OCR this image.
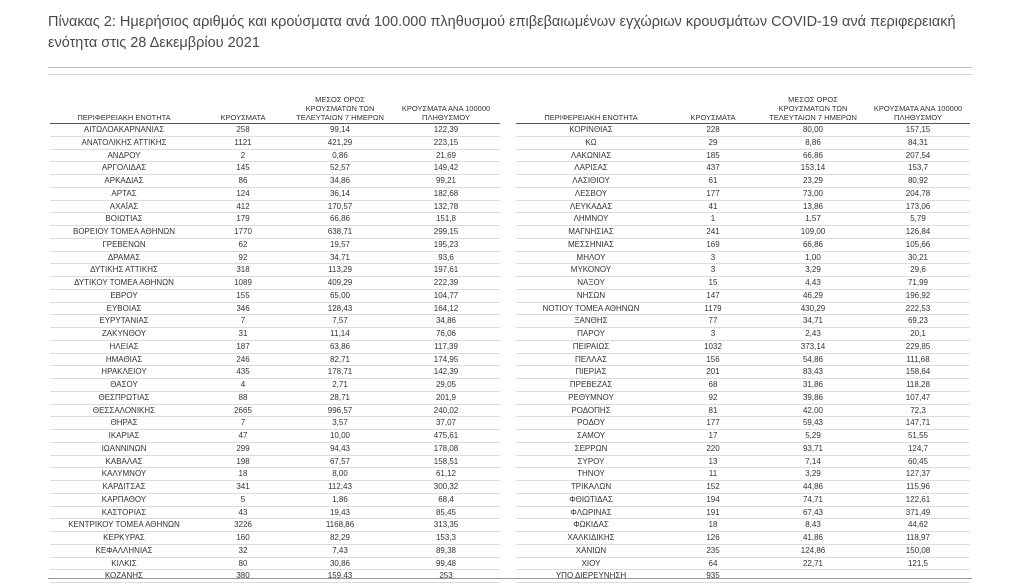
Πίνακας 2: Ημερήσιος αριθμός και κρούσματα ανά 100.000 πληθυσμού επιβεβαιωμένων εγχώριων κρουσμάτων COVID-19 ανά περιφερειακή ενότητα στις 28 Δεκεμβρίου 2021
ΠΕΡΙΦΕΡΕΙΑΚΗ ΕΝΟΤΗΤΑ	ΚΡΟΥΣΜΑΤΑ	ΜΕΣΟΣ ΟΡΟΣ ΚΡΟΥΣΜΑΤΩΝ ΤΩΝ ΤΕΛΕΥΤΑΙΩΝ 7 ΗΜΕΡΩΝ	ΚΡΟΥΣΜΑΤΑ ΑΝΑ 100000 ΠΛΗΘΥΣΜΟΥ		ΠΕΡΙΦΕΡΕΙΑΚΗ ΕΝΟΤΗΤΑ	ΚΡΟΥΣΜΑΤΑ	ΜΕΣΟΣ ΟΡΟΣ ΚΡΟΥΣΜΑΤΩΝ ΤΩΝ ΤΕΛΕΥΤΑΙΩΝ 7 ΗΜΕΡΩΝ	ΚΡΟΥΣΜΑΤΑ ΑΝΑ 100000 ΠΛΗΘΥΣΜΟΥ
ΑΙΤΩΛΟΑΚΑΡΝΑΝΙΑΣ	258	99,14	122,39		ΚΟΡΙΝΘΙΑΣ	228	80,00	157,15
ΑΝΑΤΟΛΙΚΗΣ ΑΤΤΙΚΗΣ	1121	421,29	223,15		ΚΩ	29	8,86	84,31
ΑΝΔΡΟΥ	2	0,86	21,69		ΛΑΚΩΝΙΑΣ	185	66,86	207,54
ΑΡΓΟΛΙΔΑΣ	145	52,57	149,42		ΛΑΡΙΣΑΣ	437	153,14	153,7
ΑΡΚΑΔΙΑΣ	86	34,86	99,21		ΛΑΣΙΘΙΟΥ	61	23,29	80,92
ΑΡΤΑΣ	124	36,14	182,68		ΛΕΣΒΟΥ	177	73,00	204,78
ΑΧΑΪΑΣ	412	170,57	132,78		ΛΕΥΚΑΔΑΣ	41	13,86	173,06
ΒΟΙΩΤΙΑΣ	179	66,86	151,8		ΛΗΜΝΟΥ	1	1,57	5,79
ΒΟΡΕΙΟΥ ΤΟΜΕΑ ΑΘΗΝΩΝ	1770	638,71	299,15		ΜΑΓΝΗΣΙΑΣ	241	109,00	126,84
ΓΡΕΒΕΝΩΝ	62	19,57	195,23		ΜΕΣΣΗΝΙΑΣ	169	66,86	105,66
ΔΡΑΜΑΣ	92	34,71	93,6		ΜΗΛΟΥ	3	1,00	30,21
ΔΥΤΙΚΗΣ ΑΤΤΙΚΗΣ	318	113,29	197,61		ΜΥΚΟΝΟΥ	3	3,29	29,6
ΔΥΤΙΚΟΥ ΤΟΜΕΑ ΑΘΗΝΩΝ	1089	409,29	222,39		ΝΑΞΟΥ	15	4,43	71,99
ΕΒΡΟΥ	155	65,00	104,77		ΝΗΣΩΝ	147	46,29	196,92
ΕΥΒΟΙΑΣ	346	128,43	164,12		ΝΟΤΙΟΥ ΤΟΜΕΑ ΑΘΗΝΩΝ	1179	430,29	222,53
ΕΥΡΥΤΑΝΙΑΣ	7	7,57	34,86		ΞΑΝΘΗΣ	77	34,71	69,23
ΖΑΚΥΝΘΟΥ	31	11,14	76,06		ΠΑΡΟΥ	3	2,43	20,1
ΗΛΕΙΑΣ	187	63,86	117,39		ΠΕΙΡΑΙΩΣ	1032	373,14	229,85
ΗΜΑΘΙΑΣ	246	82,71	174,95		ΠΕΛΛΑΣ	156	54,86	111,68
ΗΡΑΚΛΕΙΟΥ	435	178,71	142,39		ΠΙΕΡΙΑΣ	201	83,43	158,64
ΘΑΣΟΥ	4	2,71	29,05		ΠΡΕΒΕΖΑΣ	68	31,86	118,28
ΘΕΣΠΡΩΤΙΑΣ	88	28,71	201,9		ΡΕΘΥΜΝΟΥ	92	39,86	107,47
ΘΕΣΣΑΛΟΝΙΚΗΣ	2665	996,57	240,02		ΡΟΔΟΠΗΣ	81	42,00	72,3
ΘΗΡΑΣ	7	3,57	37,07		ΡΟΔΟΥ	177	59,43	147,71
ΙΚΑΡΙΑΣ	47	10,00	475,61		ΣΑΜΟΥ	17	5,29	51,55
ΙΩΑΝΝΙΝΩΝ	299	94,43	178,08		ΣΕΡΡΩΝ	220	93,71	124,7
ΚΑΒΑΛΑΣ	198	67,57	158,51		ΣΥΡΟΥ	13	7,14	60,45
ΚΑΛΥΜΝΟΥ	18	8,00	61,12		ΤΗΝΟΥ	11	3,29	127,37
ΚΑΡΔΙΤΣΑΣ	341	112,43	300,32		ΤΡΙΚΑΛΩΝ	152	44,86	115,96
ΚΑΡΠΑΘΟΥ	5	1,86	68,4		ΦΘΙΩΤΙΔΑΣ	194	74,71	122,61
ΚΑΣΤΟΡΙΑΣ	43	19,43	85,45		ΦΛΩΡΙΝΑΣ	191	67,43	371,49
ΚΕΝΤΡΙΚΟΥ ΤΟΜΕΑ ΑΘΗΝΩΝ	3226	1168,86	313,35		ΦΩΚΙΔΑΣ	18	8,43	44,62
ΚΕΡΚΥΡΑΣ	160	82,29	153,3		ΧΑΛΚΙΔΙΚΗΣ	126	41,86	118,97
ΚΕΦΑΛΛΗΝΙΑΣ	32	7,43	89,38		ΧΑΝΙΩΝ	235	124,86	150,08
ΚΙΛΚΙΣ	80	30,86	99,48		ΧΙΟΥ	64	22,71	121,5
ΚΟΖΑΝΗΣ	380	159,43	253		ΥΠΟ ΔΙΕΡΕΥΝΗΣΗ	935		
